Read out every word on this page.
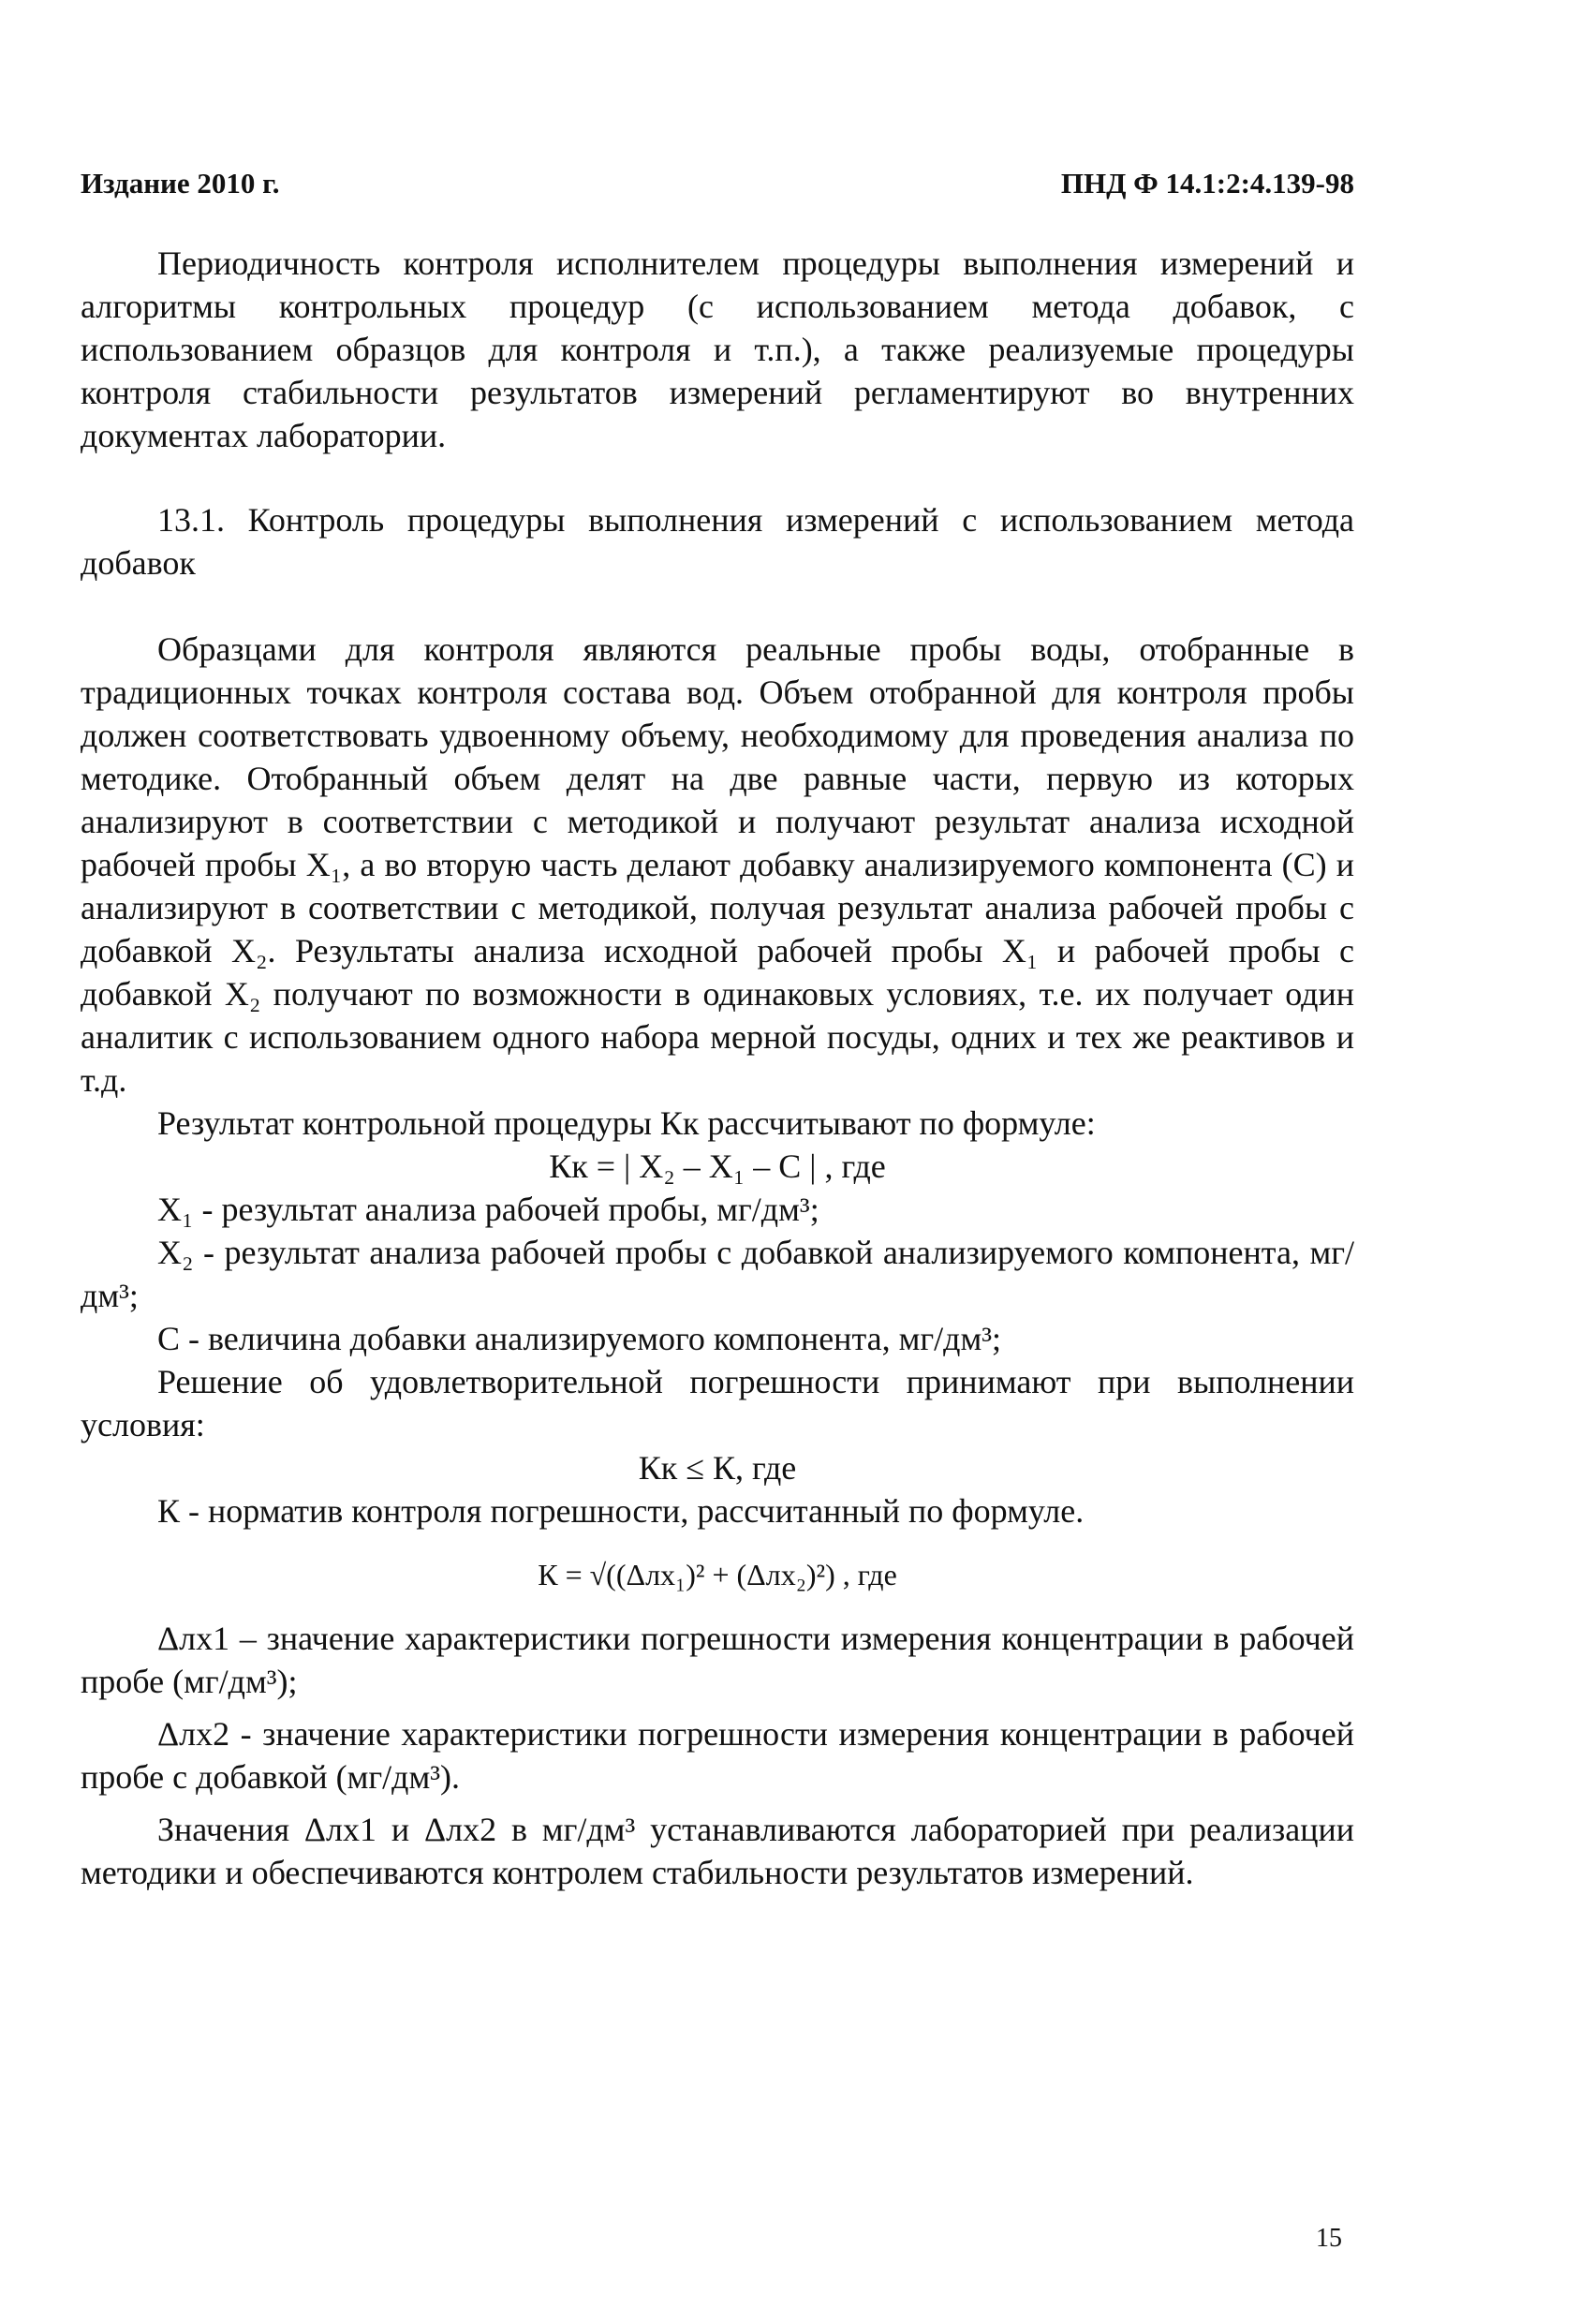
Издание 2010 г.	ПНД Ф 14.1:2:4.139-98

Периодичность контроля исполнителем процедуры выполнения измерений и алгоритмы контрольных процедур (с использованием метода добавок, с использованием образцов для контроля и т.п.), а также реализуемые процедуры контроля стабильности результатов измерений регламентируют во внутренних документах лаборатории.

13.1. Контроль процедуры выполнения измерений с использованием метода добавок

Образцами для контроля являются реальные пробы воды, отобранные в традиционных точках контроля состава вод. Объем отобранной для контроля пробы должен соответствовать удвоенному объему, необходимому для проведения анализа по методике. Отобранный объем делят на две равные части, первую из которых анализируют в соответствии с методикой и получают результат анализа исходной рабочей пробы X₁, а во вторую часть делают добавку анализируемого компонента (С) и анализируют в соответствии с методикой, получая результат анализа рабочей пробы с добавкой X₂. Результаты анализа исходной рабочей пробы X₁ и рабочей пробы с добавкой X₂ получают по возможности в одинаковых условиях, т.е. их получает один аналитик с использованием одного набора мерной посуды, одних и тех же реактивов и т.д.

Результат контрольной процедуры Кк рассчитывают по формуле:

Кк = | X₂ – X₁ – C | , где

X₁ - результат анализа рабочей пробы, мг/дм³;

X₂ - результат анализа рабочей пробы с добавкой анализируемого компонента, мг/дм³;

С - величина добавки анализируемого компонента, мг/дм³;

Решение об удовлетворительной погрешности принимают при выполнении условия:

Кк ≤ К, где

К - норматив контроля погрешности, рассчитанный по формуле.

К = √((Δлх₁)² + (Δлх₂)²) , где

Δлх1 – значение характеристики погрешности измерения концентрации в рабочей пробе (мг/дм³);

Δлх2 - значение характеристики погрешности измерения концентрации в рабочей пробе с добавкой (мг/дм³).

Значения Δлх1 и Δлх2 в мг/дм³ устанавливаются лабораторией при реализации методики и обеспечиваются контролем стабильности результатов измерений.

15
